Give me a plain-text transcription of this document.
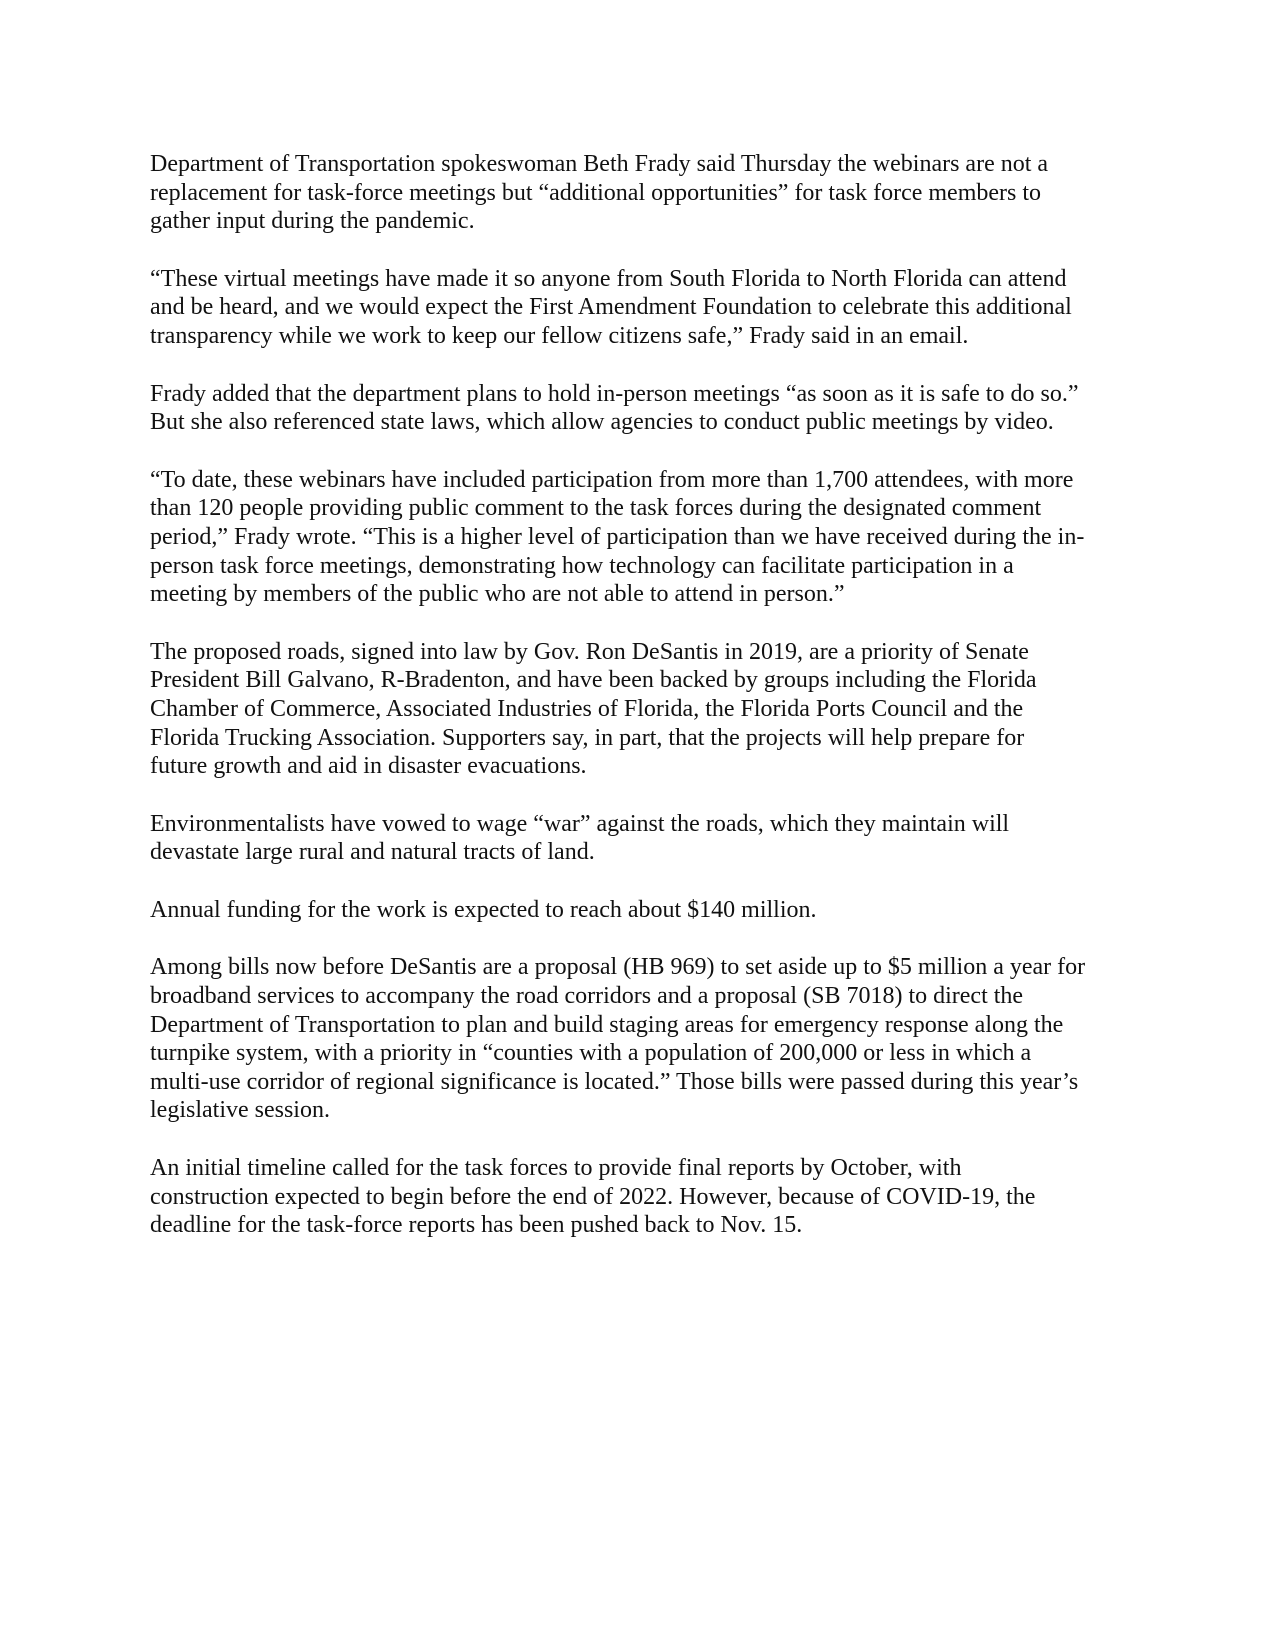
Department of Transportation spokeswoman Beth Frady said Thursday the webinars are not a
replacement for task-force meetings but “additional opportunities” for task force members to
gather input during the pandemic.

“These virtual meetings have made it so anyone from South Florida to North Florida can attend
and be heard, and we would expect the First Amendment Foundation to celebrate this additional
transparency while we work to keep our fellow citizens safe,” Frady said in an email.

Frady added that the department plans to hold in-person meetings “as soon as it is safe to do so.”
But she also referenced state laws, which allow agencies to conduct public meetings by video.

“To date, these webinars have included participation from more than 1,700 attendees, with more
than 120 people providing public comment to the task forces during the designated comment
period,” Frady wrote. “This is a higher level of participation than we have received during the in-
person task force meetings, demonstrating how technology can facilitate participation in a
meeting by members of the public who are not able to attend in person.”

The proposed roads, signed into law by Gov. Ron DeSantis in 2019, are a priority of Senate
President Bill Galvano, R-Bradenton, and have been backed by groups including the Florida
Chamber of Commerce, Associated Industries of Florida, the Florida Ports Council and the
Florida Trucking Association. Supporters say, in part, that the projects will help prepare for
future growth and aid in disaster evacuations.

Environmentalists have vowed to wage “war” against the roads, which they maintain will
devastate large rural and natural tracts of land.

Annual funding for the work is expected to reach about $140 million.

Among bills now before DeSantis are a proposal (HB 969) to set aside up to $5 million a year for
broadband services to accompany the road corridors and a proposal (SB 7018) to direct the
Department of Transportation to plan and build staging areas for emergency response along the
turnpike system, with a priority in “counties with a population of 200,000 or less in which a
multi-use corridor of regional significance is located.” Those bills were passed during this year’s
legislative session.

An initial timeline called for the task forces to provide final reports by October, with
construction expected to begin before the end of 2022. However, because of COVID-19, the
deadline for the task-force reports has been pushed back to Nov. 15.
